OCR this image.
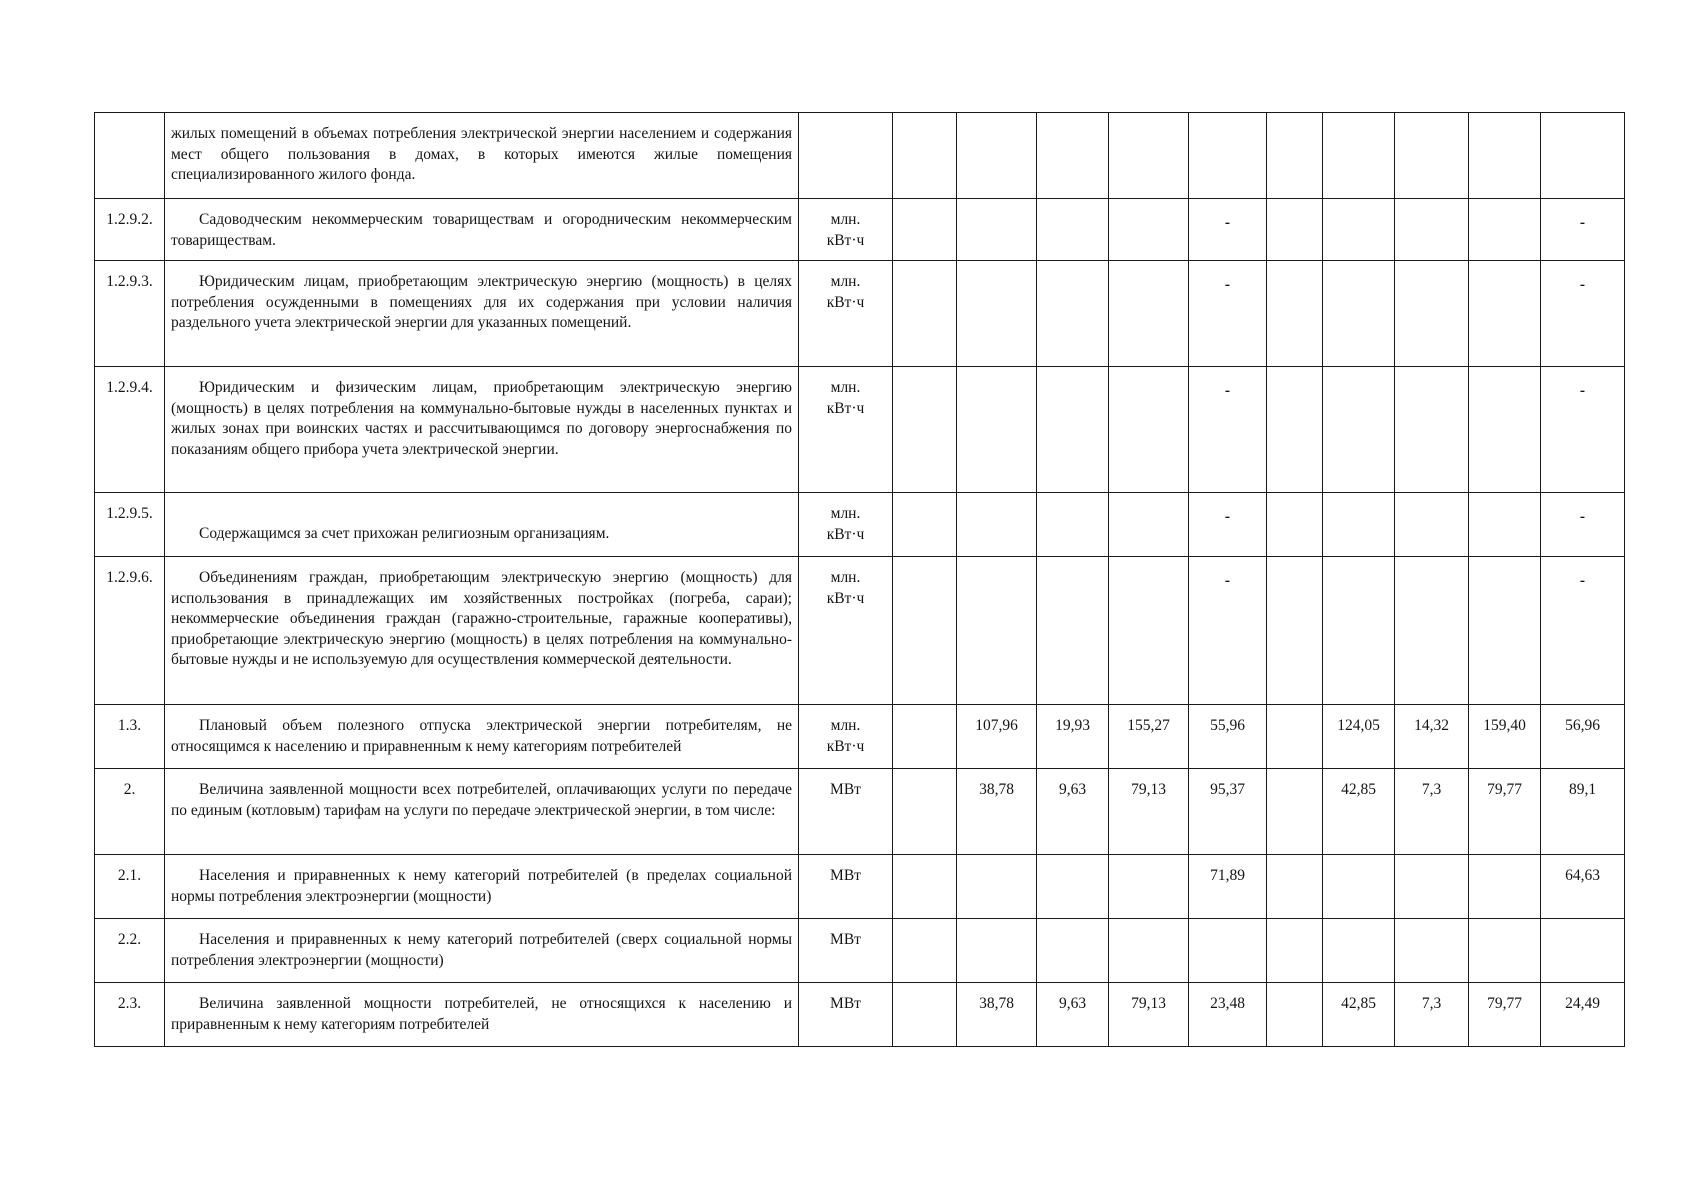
	жилых помещений в объемах потребления электрической энергии населением и содержания мест общего пользования в домах, в которых имеются жилые помещения специализированного жилого фонда.											

1.2.9.2.	Садоводческим некоммерческим товариществам и огородническим некоммерческим товариществам.	млн.
кВт·ч					-					-
1.2.9.3.	Юридическим лицам, приобретающим электрическую энергию (мощность) в целях потребления осужденными в помещениях для их содержания при условии наличия раздельного учета электрической энергии для указанных помещений.	млн.
кВт·ч					-					-
1.2.9.4.	Юридическим и физическим лицам, приобретающим электрическую энергию (мощность) в целях потребления на коммунально-бытовые нужды в населенных пунктах и жилых зонах при воинских частях и рассчитывающимся по договору энергоснабжения по показаниям общего прибора учета электрической энергии.	млн.
кВт·ч					-					-
1.2.9.5.	Содержащимся за счет прихожан религиозным организациям.	млн.
кВт·ч					-					-
1.2.9.6.	Объединениям граждан, приобретающим электрическую энергию (мощность) для использования в принадлежащих им хозяйственных постройках (погреба, сараи); некоммерческие объединения граждан (гаражно-строительные, гаражные кооперативы), приобретающие электрическую энергию (мощность) в целях потребления на коммунально-бытовые нужды и не используемую для осуществления коммерческой деятельности.	млн.
кВт·ч					-					-
1.3.	Плановый объем полезного отпуска электрической энергии потребителям, не относящимся к населению и приравненным к нему категориям потребителей	млн.
кВт·ч		107,96	19,93	155,27	55,96		124,05	14,32	159,40	56,96
2.	Величина заявленной мощности всех потребителей, оплачивающих услуги по передаче по единым (котловым) тарифам на услуги по передаче электрической энергии, в том числе:	МВт		38,78	9,63	79,13	95,37		42,85	7,3	79,77	89,1
2.1.	Населения и приравненных к нему категорий потребителей (в пределах социальной нормы потребления электроэнергии (мощности)	МВт					71,89					64,63
2.2.	Населения и приравненных к нему категорий потребителей (сверх социальной нормы потребления электроэнергии (мощности)	МВт										

2.3.	Величина заявленной мощности потребителей, не относящихся к населению и приравненным к нему категориям потребителей	МВт		38,78	9,63	79,13	23,48		42,85	7,3	79,77	24,49
